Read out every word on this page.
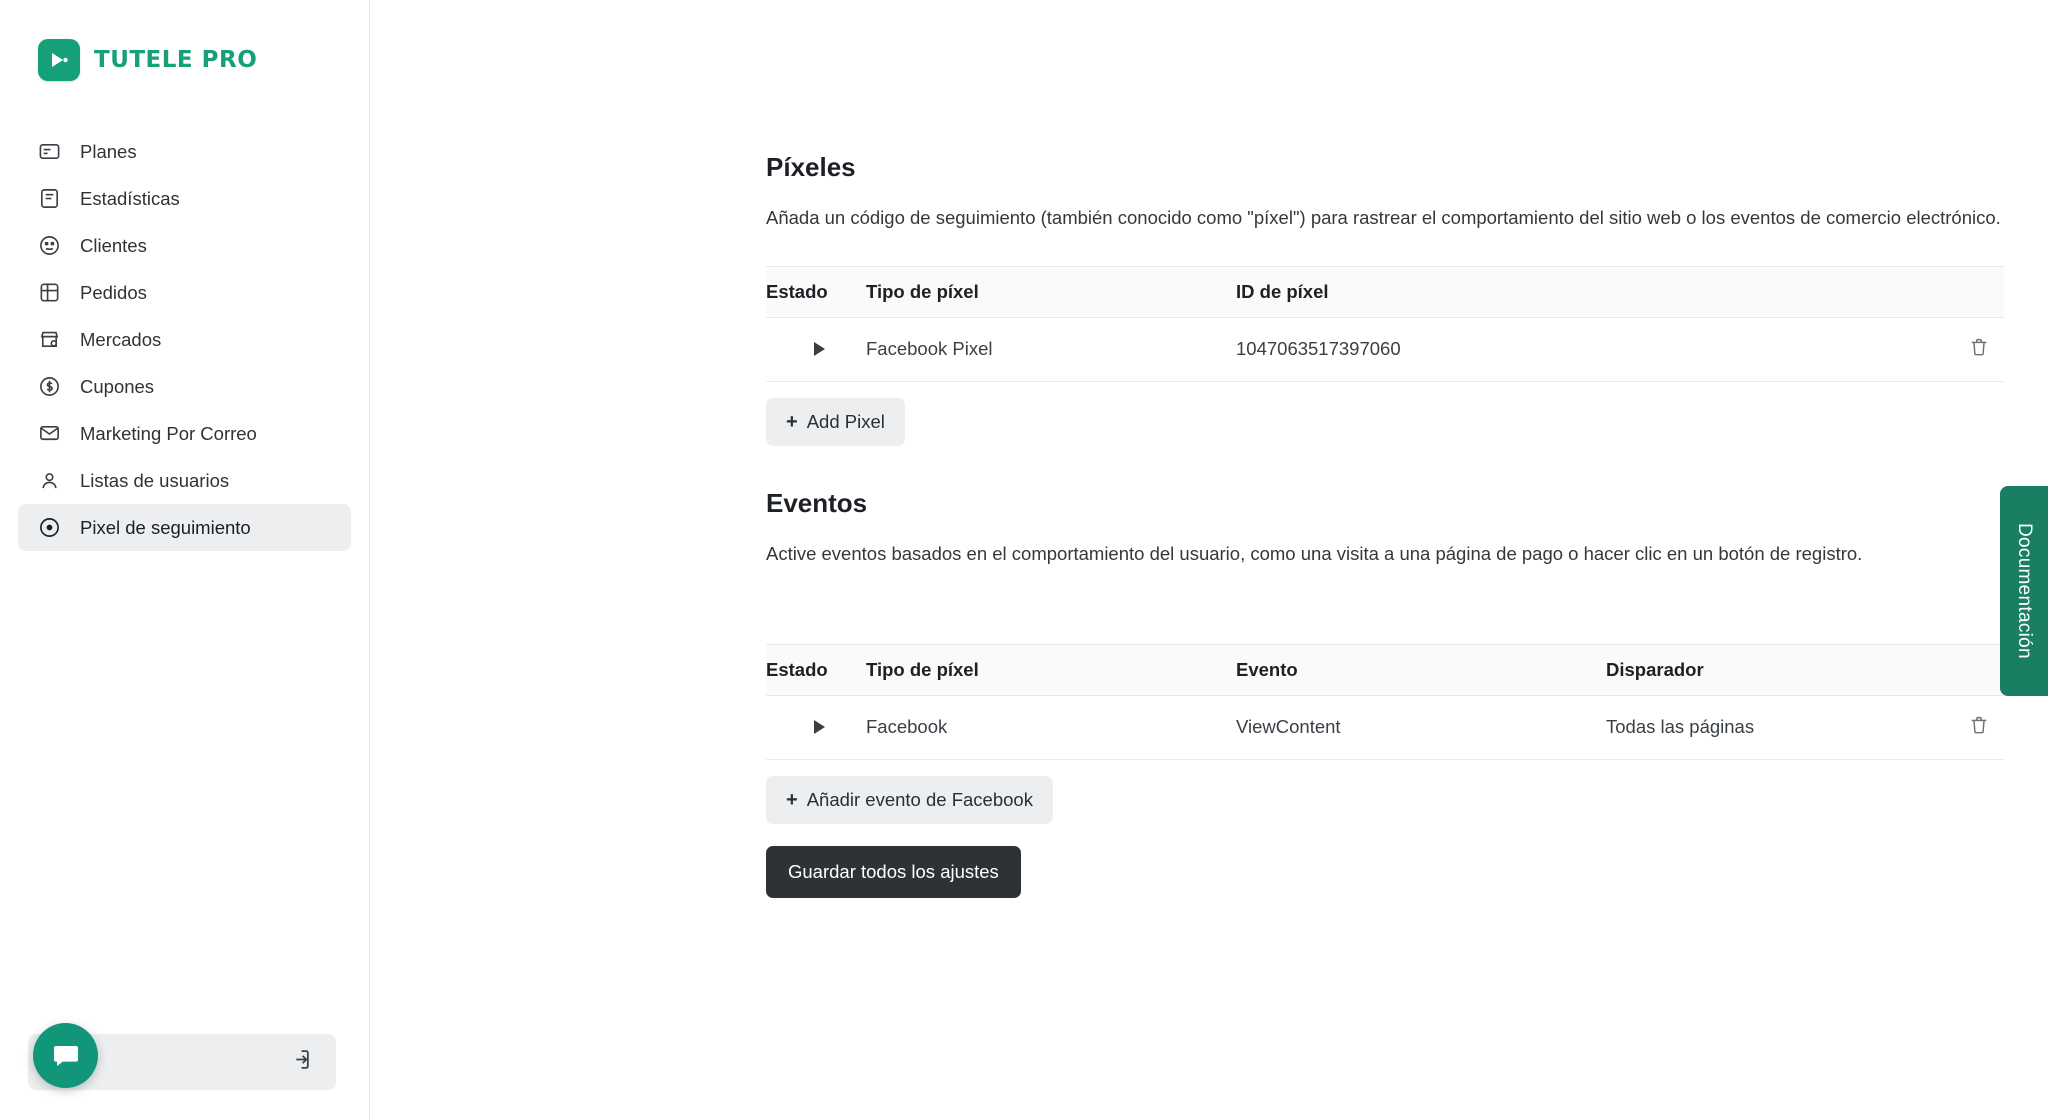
TUTELE PRO
Planes
Estadísticas
Clientes
Pedidos
Mercados
Cupones
Marketing Por Correo
Listas de usuarios
Pixel de seguimiento
Píxeles

Añada un código de seguimiento (también conocido como "píxel") para rastrear el comportamiento del sitio web o los eventos de comercio electrónico.

Estado	Tipo de píxel	ID de píxel	

	Facebook Pixel	1047063517397060	
+ Add Pixel
Eventos

Active eventos basados en el comportamiento del usuario, como una visita a una página de pago o hacer clic en un botón de registro.

Estado	Tipo de píxel	Evento	Disparador	

	Facebook	ViewContent	Todas las páginas	
+ Añadir evento de Facebook
Guardar todos los ajustes
Documentación
